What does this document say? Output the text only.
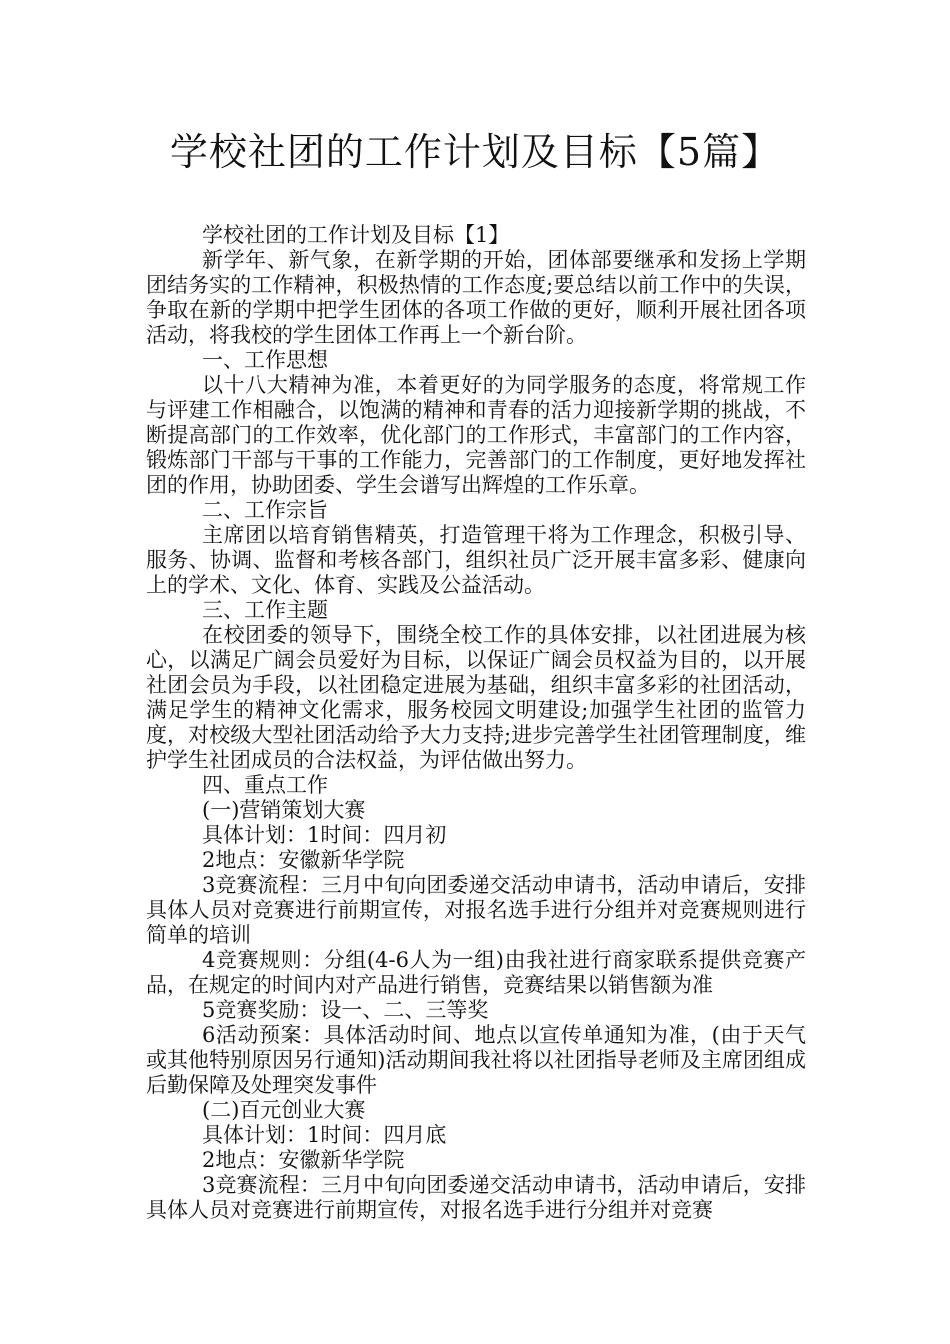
学校社团的工作计划及目标【5篇】

学校社团的工作计划及目标【1】

新学年、新气象，在新学期的开始，团体部要继承和发扬上学期团结务实的工作精神，积极热情的工作态度;要总结以前工作中的失误，争取在新的学期中把学生团体的各项工作做的更好，顺利开展社团各项活动，将我校的学生团体工作再上一个新台阶。

一、工作思想

以十八大精神为准，本着更好的为同学服务的态度，将常规工作与评建工作相融合，以饱满的精神和青春的活力迎接新学期的挑战，不断提高部门的工作效率，优化部门的工作形式，丰富部门的工作内容，锻炼部门干部与干事的工作能力，完善部门的工作制度，更好地发挥社团的作用，协助团委、学生会谱写出辉煌的工作乐章。

二、工作宗旨

主席团以培育销售精英，打造管理干将为工作理念，积极引导、服务、协调、监督和考核各部门，组织社员广泛开展丰富多彩、健康向上的学术、文化、体育、实践及公益活动。

三、工作主题

在校团委的领导下，围绕全校工作的具体安排，以社团进展为核心，以满足广阔会员爱好为目标，以保证广阔会员权益为目的，以开展社团会员为手段，以社团稳定进展为基础，组织丰富多彩的社团活动，满足学生的精神文化需求，服务校园文明建设;加强学生社团的监管力度，对校级大型社团活动给予大力支持;进步完善学生社团管理制度，维护学生社团成员的合法权益，为评估做出努力。

四、重点工作

(一)营销策划大赛

具体计划：1时间：四月初

2地点：安徽新华学院

3竞赛流程：三月中旬向团委递交活动申请书，活动申请后，安排具体人员对竞赛进行前期宣传，对报名选手进行分组并对竞赛规则进行简单的培训

4竞赛规则：分组(4-6人为一组)由我社进行商家联系提供竞赛产品，在规定的时间内对产品进行销售，竞赛结果以销售额为准

5竞赛奖励：设一、二、三等奖

6活动预案：具体活动时间、地点以宣传单通知为准，(由于天气或其他特别原因另行通知)活动期间我社将以社团指导老师及主席团组成后勤保障及处理突发事件

(二)百元创业大赛

具体计划：1时间：四月底

2地点：安徽新华学院

3竞赛流程：三月中旬向团委递交活动申请书，活动申请后，安排具体人员对竞赛进行前期宣传，对报名选手进行分组并对竞赛
